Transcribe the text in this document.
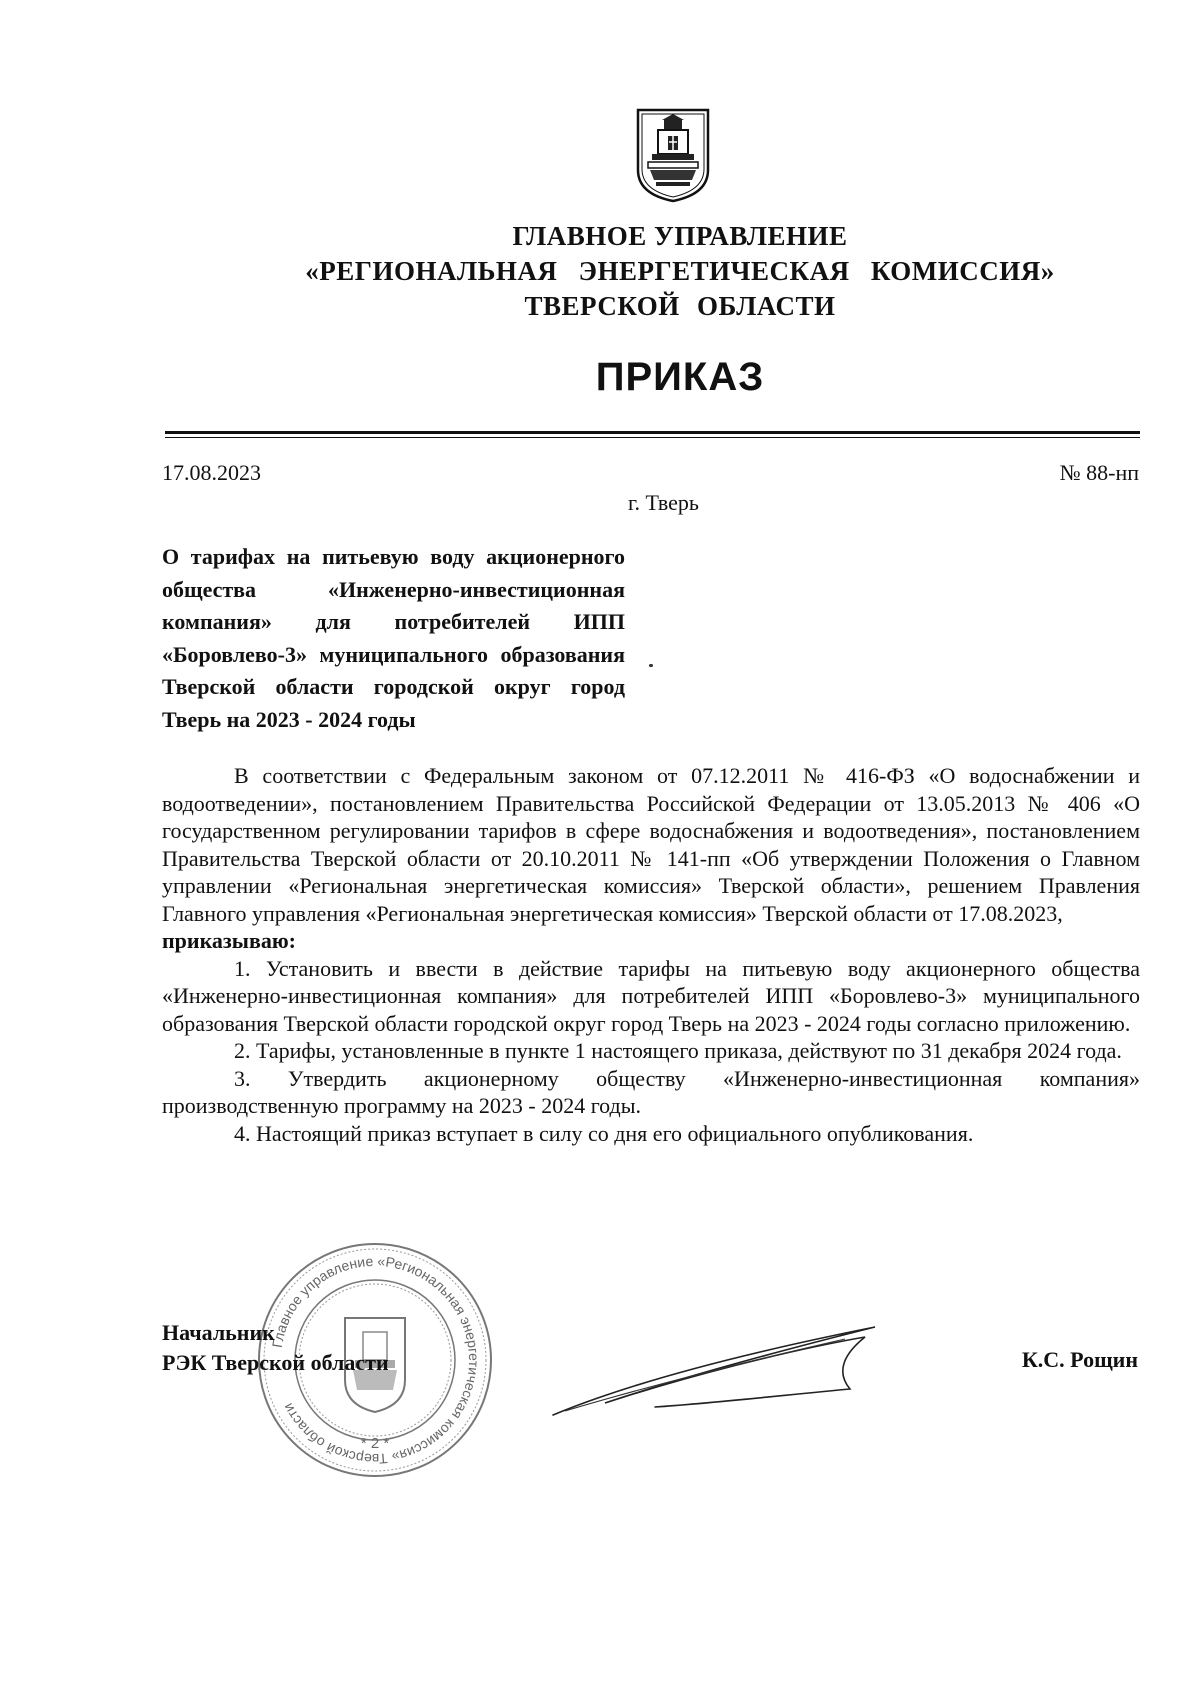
ГЛАВНОЕ УПРАВЛЕНИЕ
«РЕГИОНАЛЬНАЯ ЭНЕРГЕТИЧЕСКАЯ КОМИССИЯ»
ТВЕРСКОЙ ОБЛАСТИ
ПРИКАЗ
17.08.2023	№ 88-нп
г. Тверь
О тарифах на питьевую воду акционерного общества «Инженерно-инвестиционная компания» для потребителей ИПП «Боровлево-3» муниципального образования Тверской области городской округ город Тверь на 2023 - 2024 годы

В соответствии с Федеральным законом от 07.12.2011 № 416-ФЗ «О водоснабжении и водоотведении», постановлением Правительства Российской Федерации от 13.05.2013 № 406 «О государственном регулировании тарифов в сфере водоснабжения и водоотведения», постановлением Правительства Тверской области от 20.10.2011 № 141-пп «Об утверждении Положения о Главном управлении «Региональная энергетическая комиссия» Тверской области», решением Правления Главного управления «Региональная энергетическая комиссия» Тверской области от 17.08.2023,

приказываю:

1. Установить и ввести в действие тарифы на питьевую воду акционерного общества «Инженерно-инвестиционная компания» для потребителей ИПП «Боровлево-3» муниципального образования Тверской области городской округ город Тверь на 2023 - 2024 годы согласно приложению.

2. Тарифы, установленные в пункте 1 настоящего приказа, действуют по 31 декабря 2024 года.

3. Утвердить акционерному обществу «Инженерно-инвестиционная компания» производственную программу на 2023 - 2024 годы.

4. Настоящий приказ вступает в силу со дня его официального опубликования.

Главное управление «Региональная энергетическая комиссия» Тверской области
* 2 *
Начальник
РЭК Тверской области	К.С. Рощин
